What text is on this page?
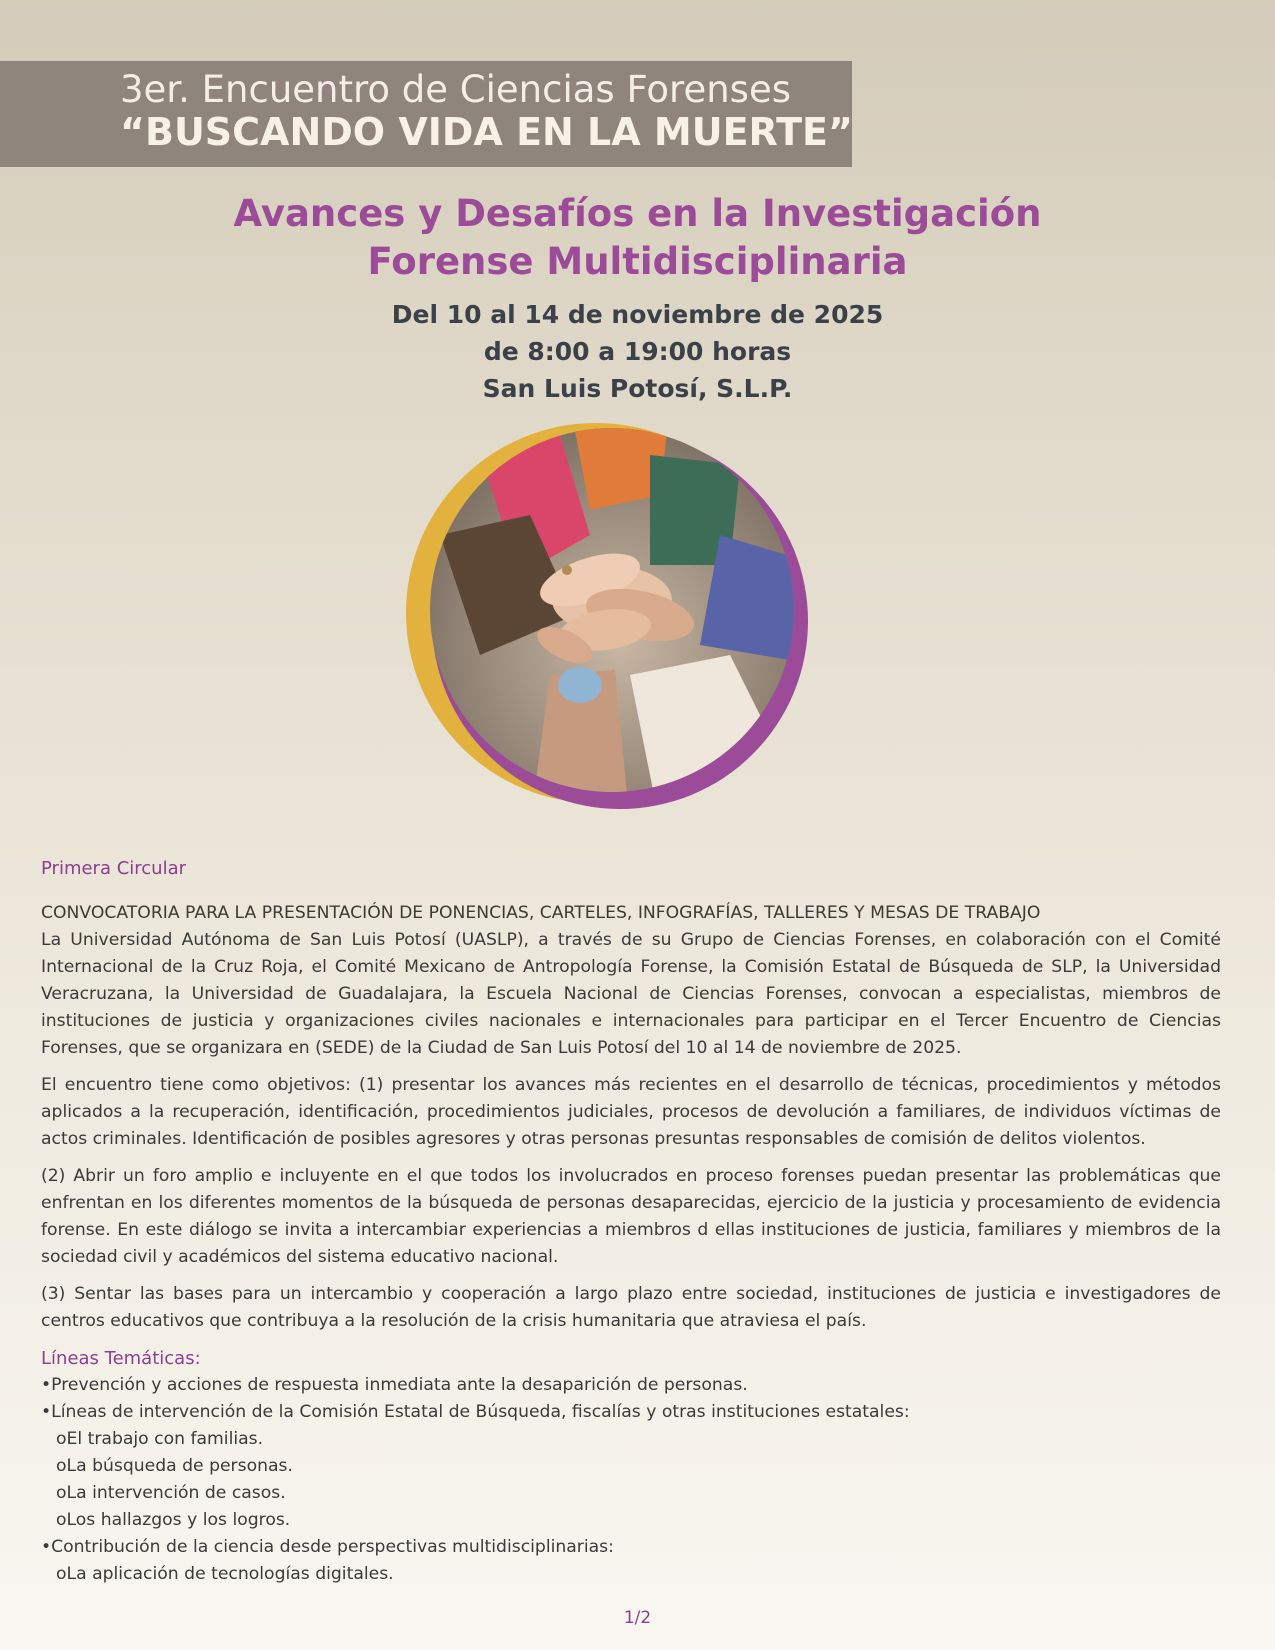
3er. Encuentro de Ciencias Forenses
“BUSCANDO VIDA EN LA MUERTE”
Avances y Desafíos en la Investigación
Forense Multidisciplinaria
Del 10 al 14 de noviembre de 2025
de 8:00 a 19:00 horas
San Luis Potosí, S.L.P.
Primera Circular
CONVOCATORIA PARA LA PRESENTACIÓN DE PONENCIAS, CARTELES, INFOGRAFÍAS, TALLERES Y MESAS DE TRABAJO

La Universidad Autónoma de San Luis Potosí (UASLP), a través de su Grupo de Ciencias Forenses, en colaboración con el Comité Internacional de la Cruz Roja, el Comité Mexicano de Antropología Forense, la Comisión Estatal de Búsqueda de SLP, la Universidad Veracruzana, la Universidad de Guadalajara, la Escuela Nacional de Ciencias Forenses, convocan a especialistas, miembros de instituciones de justicia y organizaciones civiles nacionales e internacionales para participar en el Tercer Encuentro de Ciencias Forenses, que se organizara en (SEDE) de la Ciudad de San Luis Potosí del 10 al 14 de noviembre de 2025.

El encuentro tiene como objetivos: (1) presentar los avances más recientes en el desarrollo de técnicas, procedimientos y métodos aplicados a la recuperación, identificación, procedimientos judiciales, procesos de devolución a familiares, de individuos víctimas de actos criminales. Identificación de posibles agresores y otras personas presuntas responsables de comisión de delitos violentos.

(2) Abrir un foro amplio e incluyente en el que todos los involucrados en proceso forenses puedan presentar las problemáticas que enfrentan en los diferentes momentos de la búsqueda de personas desaparecidas, ejercicio de la justicia y procesamiento de evidencia forense. En este diálogo se invita a intercambiar experiencias a miembros d ellas instituciones de justicia, familiares y miembros de la sociedad civil y académicos del sistema educativo nacional.

(3) Sentar las bases para un intercambio y cooperación a largo plazo entre sociedad, instituciones de justicia e investigadores de centros educativos que contribuya a la resolución de la crisis humanitaria que atraviesa el país.

Líneas Temáticas:
•Prevención y acciones de respuesta inmediata ante la desaparición de personas.
•Líneas de intervención de la Comisión Estatal de Búsqueda, fiscalías y otras instituciones estatales:
oEl trabajo con familias.
oLa búsqueda de personas.
oLa intervención de casos.
oLos hallazgos y los logros.
•Contribución de la ciencia desde perspectivas multidisciplinarias:
oLa aplicación de tecnologías digitales.
1/2
